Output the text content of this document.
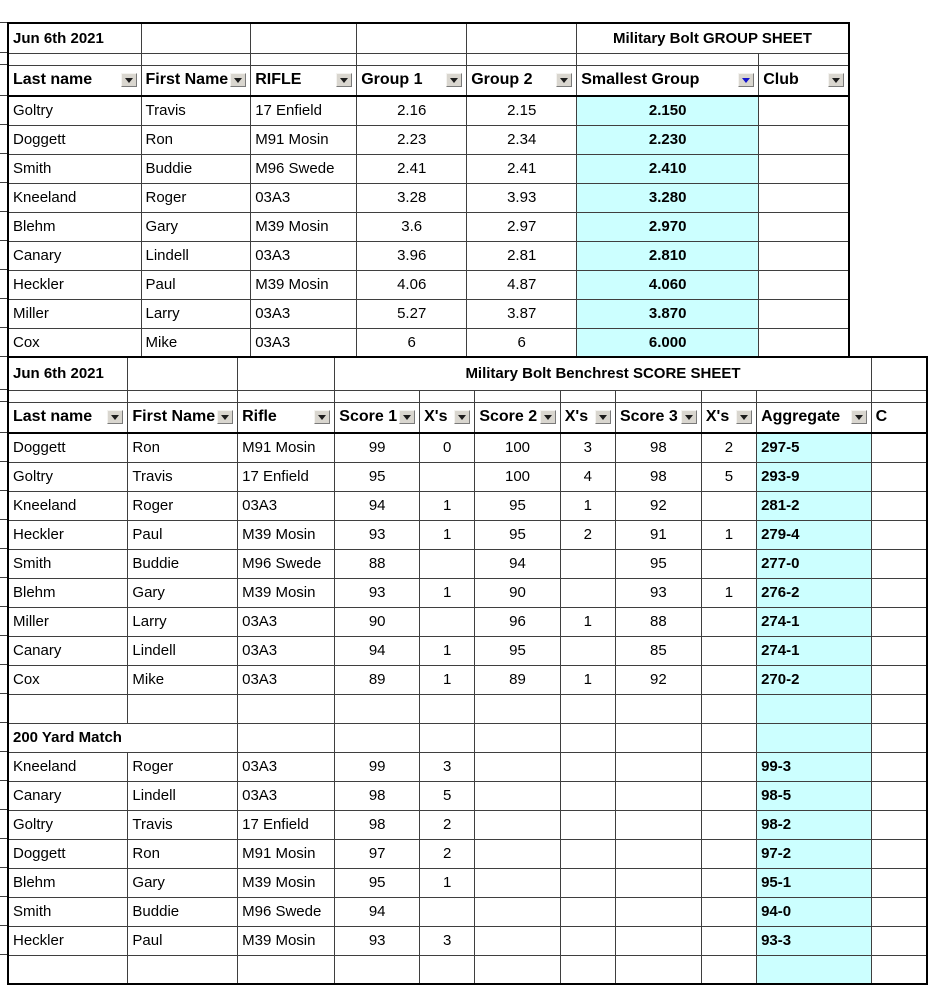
Jun 6th 2021					Military Bolt GROUP SHEET	

Last name	First Name	RIFLE	Group 1	Group 2	Smallest Group	Club

Goltry	Travis	17 Enfield	2.16	2.15	2.150	
Doggett	Ron	M91 Mosin	2.23	2.34	2.230	
Smith	Buddie	M96 Swede	2.41	2.41	2.410	
Kneeland	Roger	03A3	3.28	3.93	3.280	
Blehm	Gary	M39 Mosin	3.6	2.97	2.970	
Canary	Lindell	03A3	3.96	2.81	2.810	
Heckler	Paul	M39 Mosin	4.06	4.87	4.060	
Miller	Larry	03A3	5.27	3.87	3.870	
Cox	Mike	03A3	6	6	6.000	
Jun 6th 2021			Military Bolt Benchrest SCORE SHEET							

Last name	First Name	Rifle	Score 1	X's	Score 2	X's	Score 3	X's	Aggregate	C

Doggett	Ron	M91 Mosin	99	0	100	3	98	2	297-5	
Goltry	Travis	17 Enfield	95		100	4	98	5	293-9	
Kneeland	Roger	03A3	94	1	95	1	92		281-2	
Heckler	Paul	M39 Mosin	93	1	95	2	91	1	279-4	
Smith	Buddie	M96 Swede	88		94		95		277-0	
Blehm	Gary	M39 Mosin	93	1	90		93	1	276-2	
Miller	Larry	03A3	90		96	1	88		274-1	
Canary	Lindell	03A3	94	1	95		85		274-1	
Cox	Mike	03A3	89	1	89	1	92		270-2	

200 Yard Match										
Kneeland	Roger	03A3	99	3					99-3	
Canary	Lindell	03A3	98	5					98-5	
Goltry	Travis	17 Enfield	98	2					98-2	
Doggett	Ron	M91 Mosin	97	2					97-2	
Blehm	Gary	M39 Mosin	95	1					95-1	
Smith	Buddie	M96 Swede	94						94-0	
Heckler	Paul	M39 Mosin	93	3					93-3	
